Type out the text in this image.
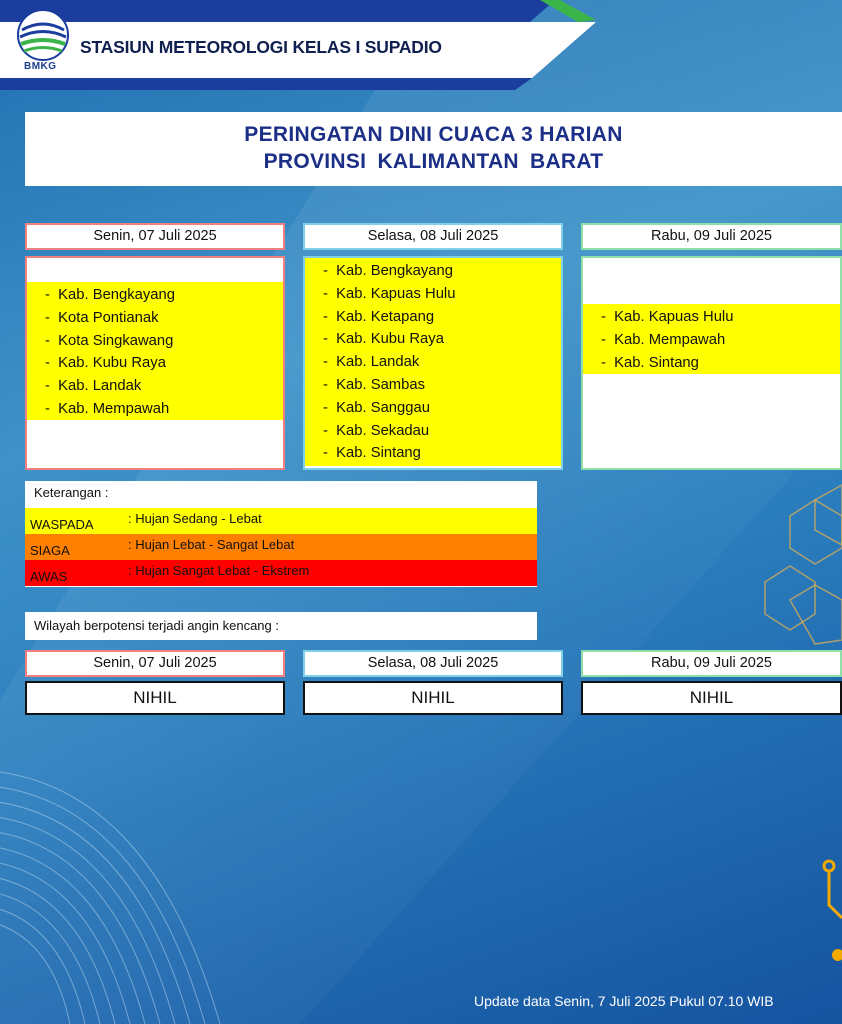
BMKG
STASIUN METEOROLOGI KELAS I SUPADIO
PERINGATAN DINI CUACA 3 HARIAN
PROVINSI KALIMANTAN BARAT
Senin, 07 Juli 2025
-  Kab. Bengkayang
-  Kota Pontianak
-  Kota Singkawang
-  Kab. Kubu Raya
-  Kab. Landak
-  Kab. Mempawah
Selasa, 08 Juli 2025
-  Kab. Bengkayang
-  Kab. Kapuas Hulu
-  Kab. Ketapang
-  Kab. Kubu Raya
-  Kab. Landak
-  Kab. Sambas
-  Kab. Sanggau
-  Kab. Sekadau
-  Kab. Sintang
Rabu, 09 Juli 2025
-  Kab. Kapuas Hulu
-  Kab. Mempawah
-  Kab. Sintang
Keterangan :
WASPADA	: Hujan Sedang - Lebat
SIAGA	: Hujan Lebat - Sangat Lebat
AWAS	: Hujan Sangat Lebat - Ekstrem
Wilayah berpotensi terjadi angin kencang :
Senin, 07 Juli 2025	Selasa, 08 Juli 2025	Rabu, 09 Juli 2025
NIHIL	NIHIL	NIHIL
Update data Senin, 7 Juli 2025 Pukul 07.10 WIB
